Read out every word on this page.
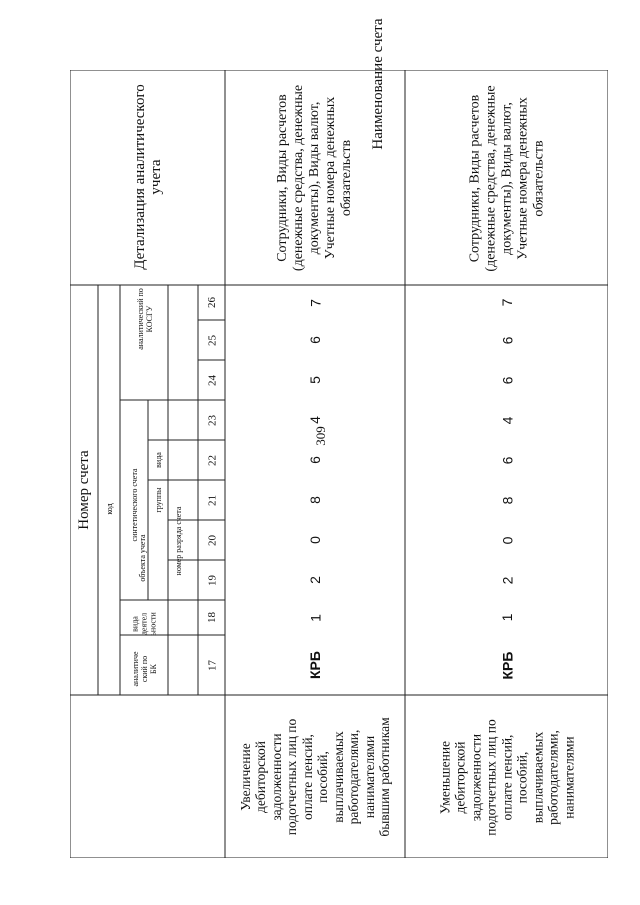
309
Наименование счета
Номер счета	код
аналитиче
ский по
БК
вида
деятел
ьности
синтетического счета
объекта учета
группы
вида
аналитический по
КОСГУ
номер разряда счета
Детализация аналитического
учета
17
18
19
20
21
22
23
24
25
26
КРБ
1
2
0
8
6
4
5
6
7
Увеличение
дебиторской
задолженности
подотчетных лиц по
оплате пенсий,
пособий,
выплачиваемых
работодателями,
нанимателями
бывшим работникам
Сотрудники, Виды расчетов
(денежные средства, денежные
документы), Виды валют,
Учетные номера денежных
обязательств
КРБ
1
2
0
8
6
4
6
6
7
Уменьшение
дебиторской
задолженности
подотчетных лиц по
оплате пенсий,
пособий,
выплачиваемых
работодателями,
нанимателями
Сотрудники, Виды расчетов
(денежные средства, денежные
документы), Виды валют,
Учетные номера денежных
обязательств
